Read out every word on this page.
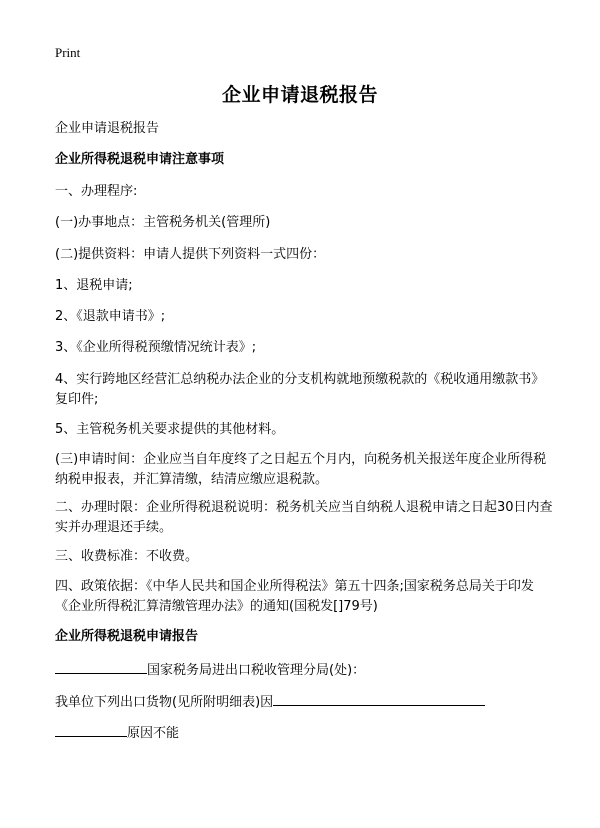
Print
企业申请退税报告
企业申请退税报告
企业所得税退税申请注意事项
一、办理程序:
(一)办事地点：主管税务机关(管理所)
(二)提供资料：申请人提供下列资料一式四份：
1、退税申请;
2、《退款申请书》;
3、《企业所得税预缴情况统计表》;
4、实行跨地区经营汇总纳税办法企业的分支机构就地预缴税款的《税收通用缴款书》复印件;
5、主管税务机关要求提供的其他材料。
(三)申请时间：企业应当自年度终了之日起五个月内，向税务机关报送年度企业所得税纳税申报表，并汇算清缴，结清应缴应退税款。
二、办理时限：企业所得税退税说明：税务机关应当自纳税人退税申请之日起30日内查实并办理退还手续。
三、收费标准：不收费。
四、政策依据：《中华人民共和国企业所得税法》第五十四条;国家税务总局关于印发《企业所得税汇算清缴管理办法》的通知(国税发[]79号)
企业所得税退税申请报告
国家税务局进出口税收管理分局(处)：
我单位下列出口货物(见所附明细表)因
原因不能
